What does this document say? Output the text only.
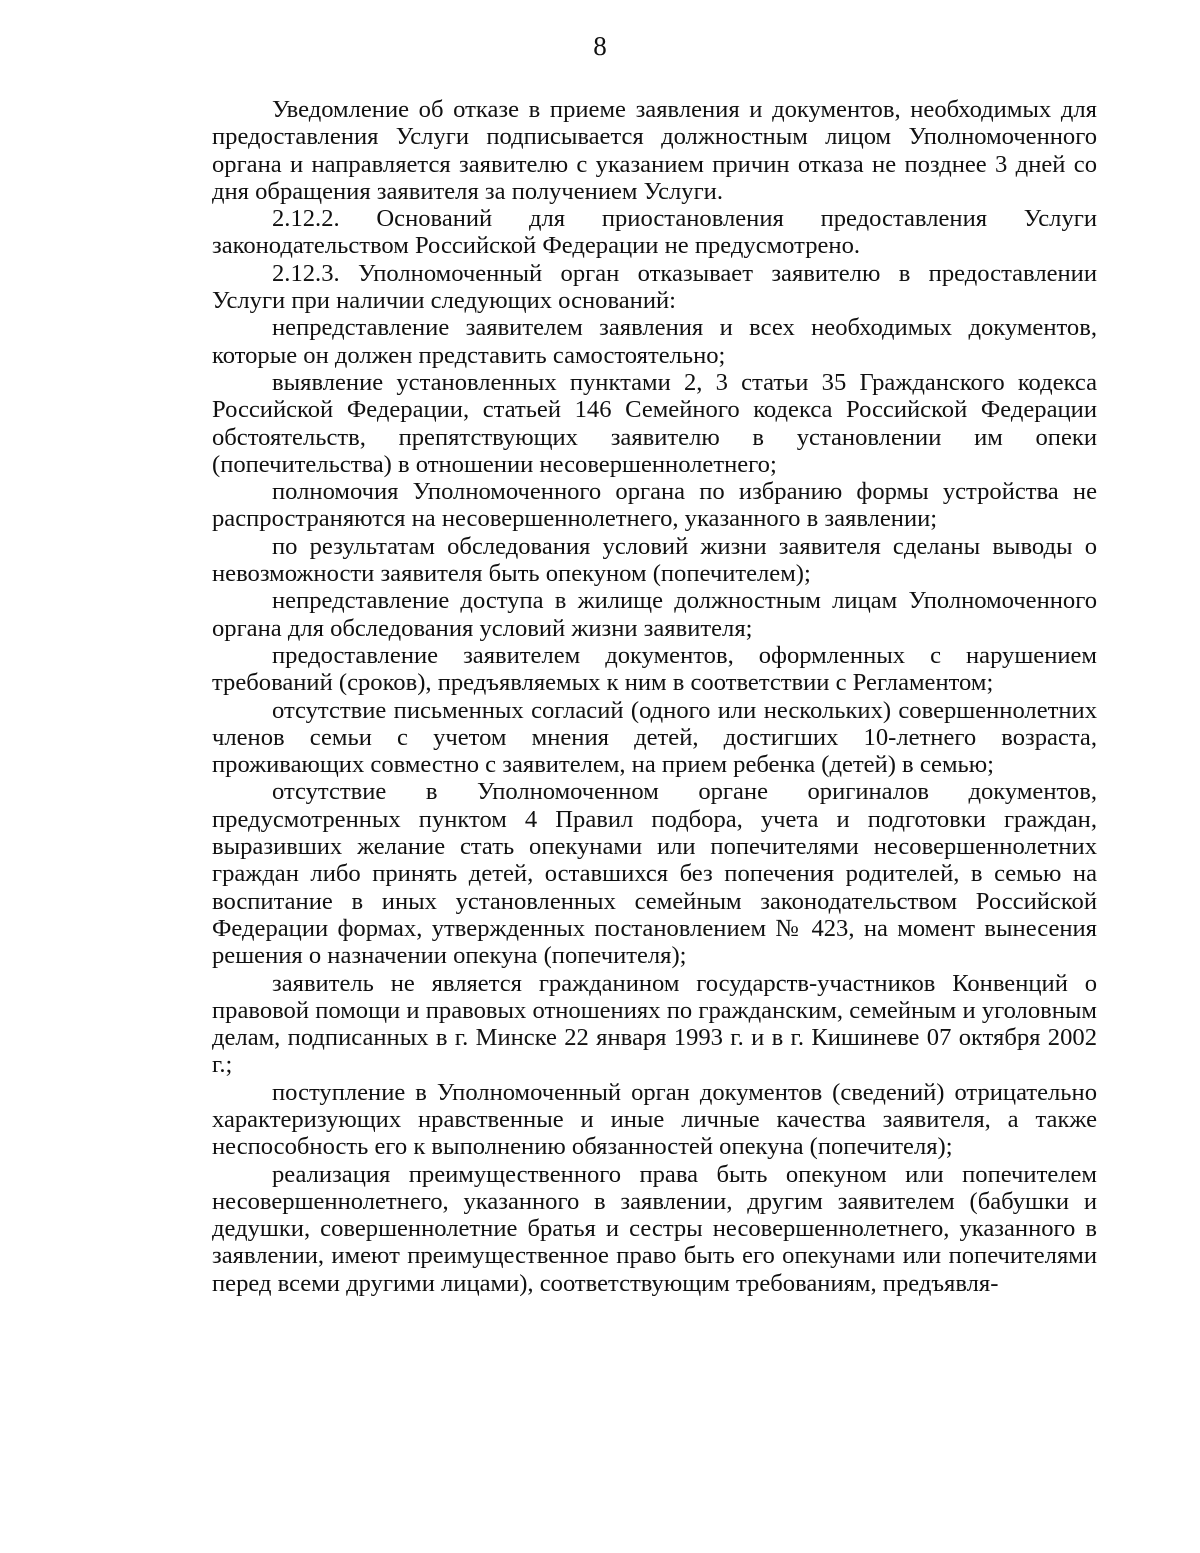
8

Уведомление об отказе в приеме заявления и документов, необходимых для предоставления Услуги подписывается должностным лицом Уполномоченного органа и направляется заявителю с указанием причин отказа не позднее 3 дней со дня обращения заявителя за получением Услуги.

2.12.2. Оснований для приостановления предоставления Услуги законодательством Российской Федерации не предусмотрено.

2.12.3. Уполномоченный орган отказывает заявителю в предоставлении Услуги при наличии следующих оснований:

непредставление заявителем заявления и всех необходимых документов, которые он должен представить самостоятельно;

выявление установленных пунктами 2, 3 статьи 35 Гражданского кодекса Российской Федерации, статьей 146 Семейного кодекса Российской Федерации обстоятельств, препятствующих заявителю в установлении им опеки (попечительства) в отношении несовершеннолетнего;

полномочия Уполномоченного органа по избранию формы устройства не распространяются на несовершеннолетнего, указанного в заявлении;

по результатам обследования условий жизни заявителя сделаны выводы о невозможности заявителя быть опекуном (попечителем);

непредставление доступа в жилище должностным лицам Уполномоченного органа для обследования условий жизни заявителя;

предоставление заявителем документов, оформленных с нарушением требований (сроков), предъявляемых к ним в соответствии с Регламентом;

отсутствие письменных согласий (одного или нескольких) совершеннолетних членов семьи с учетом мнения детей, достигших 10-летнего возраста, проживающих совместно с заявителем, на прием ребенка (детей) в семью;

отсутствие в Уполномоченном органе оригиналов документов, предусмотренных пунктом 4 Правил подбора, учета и подготовки граждан, выразивших желание стать опекунами или попечителями несовершеннолетних граждан либо принять детей, оставшихся без попечения родителей, в семью на воспитание в иных установленных семейным законодательством Российской Федерации формах, утвержденных постановлением № 423, на момент вынесения решения о назначении опекуна (попечителя);

заявитель не является гражданином государств-участников Конвенций о правовой помощи и правовых отношениях по гражданским, семейным и уголовным делам, подписанных в г. Минске 22 января 1993 г. и в г. Кишиневе 07 октября 2002 г.;

поступление в Уполномоченный орган документов (сведений) отрицательно характеризующих нравственные и иные личные качества заявителя, а также неспособность его к выполнению обязанностей опекуна (попечителя);

реализация преимущественного права быть опекуном или попечителем несовершеннолетнего, указанного в заявлении, другим заявителем (бабушки и дедушки, совершеннолетние братья и сестры несовершеннолетнего, указанного в заявлении, имеют преимущественное право быть его опекунами или попечителями перед всеми другими лицами), соответствующим требованиям, предъявля-
